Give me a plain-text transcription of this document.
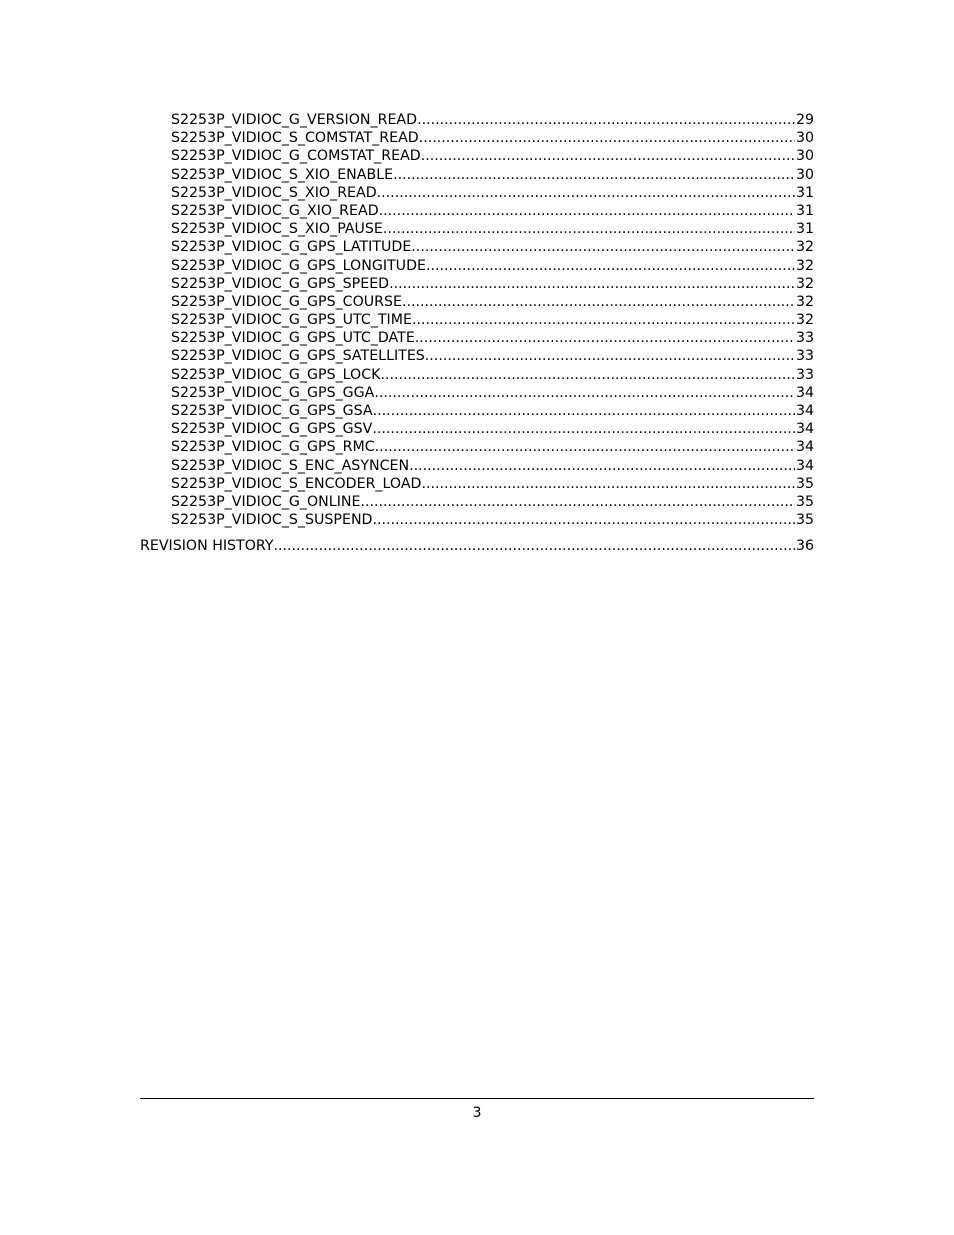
S2253P_VIDIOC_G_VERSION_READ .....	29
S2253P_VIDIOC_S_COMSTAT_READ .....	30
S2253P_VIDIOC_G_COMSTAT_READ .....	30
S2253P_VIDIOC_S_XIO_ENABLE .....	30
S2253P_VIDIOC_S_XIO_READ .....	31
S2253P_VIDIOC_G_XIO_READ .....	31
S2253P_VIDIOC_S_XIO_PAUSE .....	31
S2253P_VIDIOC_G_GPS_LATITUDE .....	32
S2253P_VIDIOC_G_GPS_LONGITUDE .....	32
S2253P_VIDIOC_G_GPS_SPEED .....	32
S2253P_VIDIOC_G_GPS_COURSE .....	32
S2253P_VIDIOC_G_GPS_UTC_TIME .....	32
S2253P_VIDIOC_G_GPS_UTC_DATE .....	33
S2253P_VIDIOC_G_GPS_SATELLITES .....	33
S2253P_VIDIOC_G_GPS_LOCK .....	33
S2253P_VIDIOC_G_GPS_GGA .....	34
S2253P_VIDIOC_G_GPS_GSA .....	34
S2253P_VIDIOC_G_GPS_GSV .....	34
S2253P_VIDIOC_G_GPS_RMC .....	34
S2253P_VIDIOC_S_ENC_ASYNCEN .....	34
S2253P_VIDIOC_S_ENCODER_LOAD .....	35
S2253P_VIDIOC_G_ONLINE .....	35
S2253P_VIDIOC_S_SUSPEND .....	35
REVISION HISTORY .....	36
3
